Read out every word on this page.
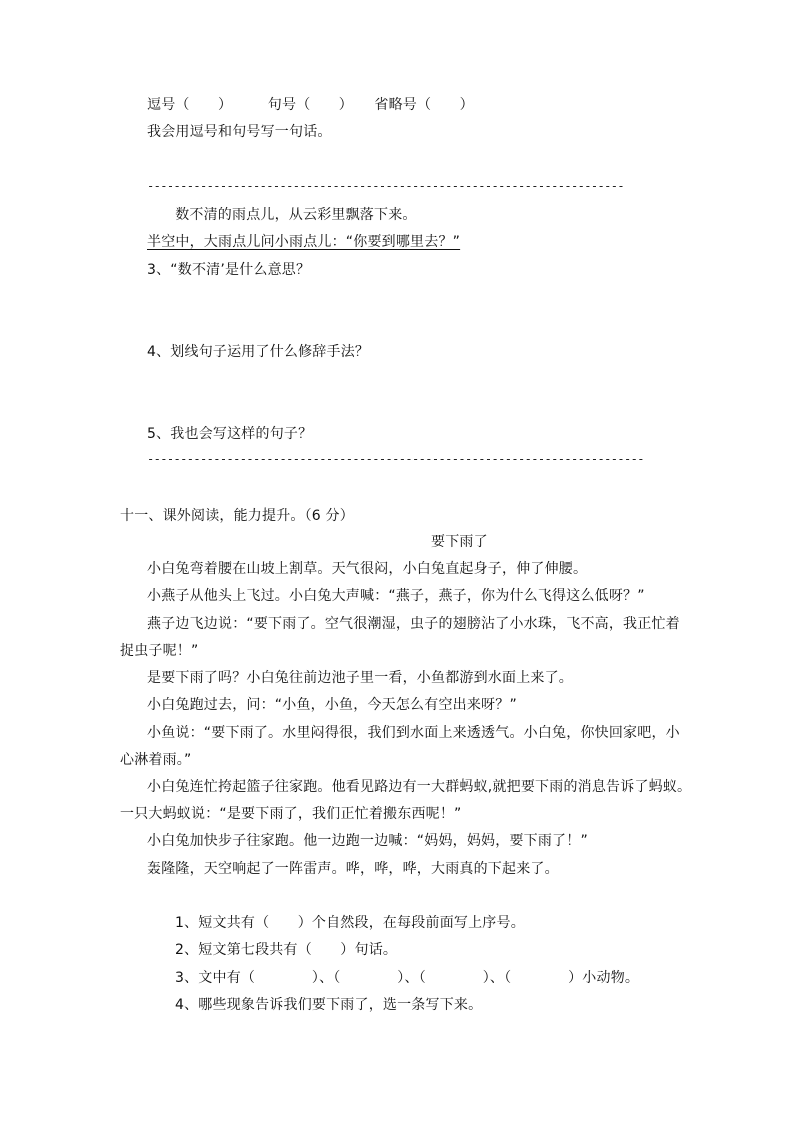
逗号（　　）　　　句号（　　）　　省略号（　　）
我会用逗号和句号写一句话。
------------------------------------------------------------------------
　数不清的雨点儿，从云彩里飘落下来。
半空中，大雨点儿问小雨点儿：“你要到哪里去？”
3、“数不清’是什么意思？
4、划线句子运用了什么修辞手法？
5、我也会写这样的句子？
---------------------------------------------------------------------------
十一、课外阅读，能力提升。（6 分）
要下雨了
小白兔弯着腰在山坡上割草。天气很闷，小白兔直起身子，伸了伸腰。
小燕子从他头上飞过。小白兔大声喊：“燕子，燕子，你为什么飞得这么低呀？”
燕子边飞边说：“要下雨了。空气很潮湿，虫子的翅膀沾了小水珠，飞不高，我正忙着
捉虫子呢！”
是要下雨了吗？小白兔往前边池子里一看，小鱼都游到水面上来了。
小白兔跑过去，问：“小鱼，小鱼，今天怎么有空出来呀？”
小鱼说：“要下雨了。水里闷得很，我们到水面上来透透气。小白兔，你快回家吧，小
心淋着雨。”
小白兔连忙挎起篮子往家跑。他看见路边有一大群蚂蚁,就把要下雨的消息告诉了蚂蚁。
一只大蚂蚁说：“是要下雨了，我们正忙着搬东西呢！”
小白兔加快步子往家跑。他一边跑一边喊：“妈妈，妈妈，要下雨了！”
轰隆隆，天空响起了一阵雷声。哗，哗，哗，大雨真的下起来了。
1、短文共有（　　）个自然段，在每段前面写上序号。
2、短文第七段共有（　　）句话。
3、文中有（　　　　）、（　　　　）、（　　　　）、（　　　　）小动物。
4、哪些现象告诉我们要下雨了，选一条写下来。
